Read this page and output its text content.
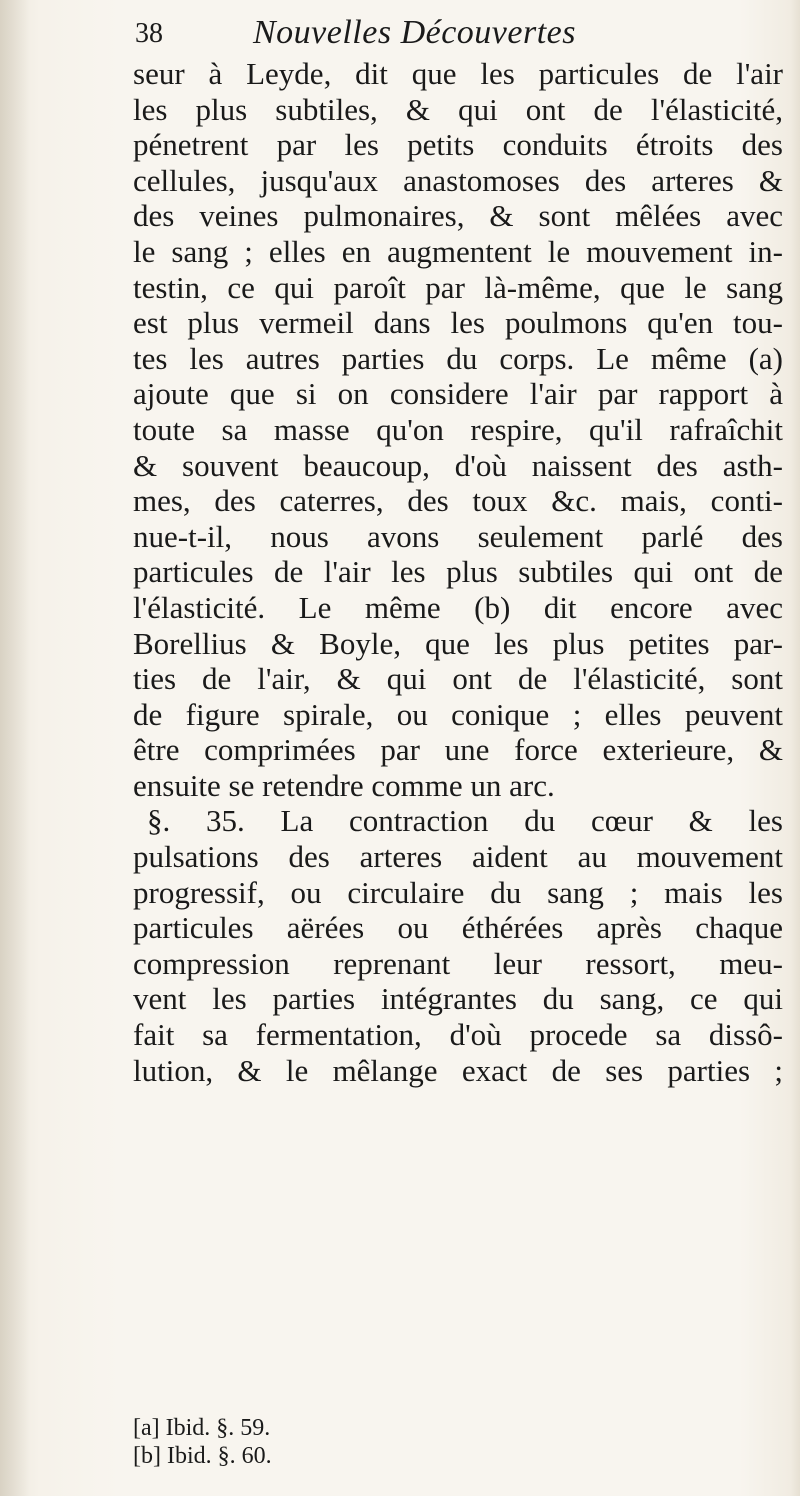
38	Nouvelles Découvertes
seur à Leyde, dit que les particules de l'air
les plus subtiles, & qui ont de l'élasticité,
pénetrent par les petits conduits étroits des
cellules, jusqu'aux anastomoses des arteres &
des veines pulmonaires, & sont mêlées avec
le sang ; elles en augmentent le mouvement in-
testin, ce qui paroît par là-même, que le sang
est plus vermeil dans les poulmons qu'en tou-
tes les autres parties du corps. Le même (a)
ajoute que si on considere l'air par rapport à
toute sa masse qu'on respire, qu'il rafraîchit
& souvent beaucoup, d'où naissent des asth-
mes, des caterres, des toux &c. mais, conti-
nue-t-il, nous avons seulement parlé des
particules de l'air les plus subtiles qui ont de
l'élasticité. Le même (b) dit encore avec
Borellius & Boyle, que les plus petites par-
ties de l'air, & qui ont de l'élasticité, sont
de figure spirale, ou conique ; elles peuvent
être comprimées par une force exterieure, &
ensuite se retendre comme un arc.
§. 35. La contraction du cœur & les
pulsations des arteres aident au mouvement
progressif, ou circulaire du sang ; mais les
particules aërées ou éthérées après chaque
compression reprenant leur ressort, meu-
vent les parties intégrantes du sang, ce qui
fait sa fermentation, d'où procede sa dissô-
lution, & le mêlange exact de ses parties ;
[a] Ibid. §. 59.
[b] Ibid. §. 60.
